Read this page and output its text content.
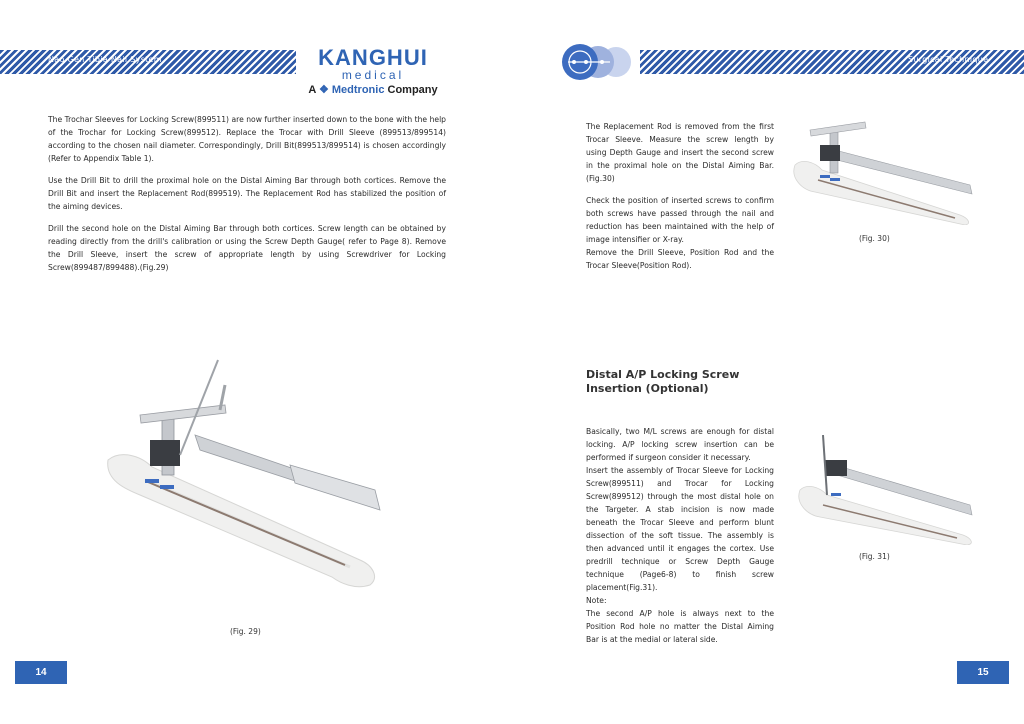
Nao Gen Tibia Nail System	Surgical Technique
KANGHUI
medical
A ❖ Medtronic Company
The Trochar Sleeves for Locking Screw(899511) are now further inserted down to the bone with the help of the Trochar for Locking Screw(899512). Replace the Trocar with Drill Sleeve (899513/899514) according to the chosen nail diameter. Correspondingly, Drill Bit(899513/899514) is chosen accordingly (Refer to Appendix Table 1).
Use the Drill Bit to drill the proximal hole on the Distal Aiming Bar through both cortices. Remove the Drill Bit and insert the Replacement Rod(899519). The Replacement Rod has stabilized the position of the aiming devices.
Drill the second hole on the Distal Aiming Bar through both cortices. Screw length can be obtained by reading directly from the drill's calibration or using the Screw Depth Gauge( refer to Page 8). Remove the Drill Sleeve, insert the screw of appropriate length by using Screwdriver for Locking Screw(899487/899488).(Fig.29)
(Fig. 29)
14
The Replacement Rod is removed from the first Trocar Sleeve. Measure the screw length by using Depth Gauge and insert the second screw in the proximal hole on the Distal Aiming Bar.(Fig.30)
Check the position of inserted screws to confirm both screws have passed through the nail and reduction has been maintained with the help of image intensifier or X-ray.
Remove the Drill Sleeve, Position Rod and the Trocar Sleeve(Position Rod).
(Fig. 30)
Distal A/P Locking Screw Insertion (Optional)
Basically, two M/L screws are enough for distal locking. A/P locking screw insertion can be performed if surgeon consider it necessary.
Insert the assembly of Trocar Sleeve for Locking Screw(899511) and Trocar for Locking Screw(899512) through the most distal hole on the Targeter. A stab incision is now made beneath the Trocar Sleeve and perform blunt dissection of the soft tissue. The assembly is then advanced until it engages the cortex. Use predrill technique or Screw Depth Gauge technique (Page6-8) to finish screw placement(Fig.31).
Note:
The second A/P hole is always next to the Position Rod hole no matter the Distal Aiming Bar is at the medial or lateral side.
(Fig. 31)
15
